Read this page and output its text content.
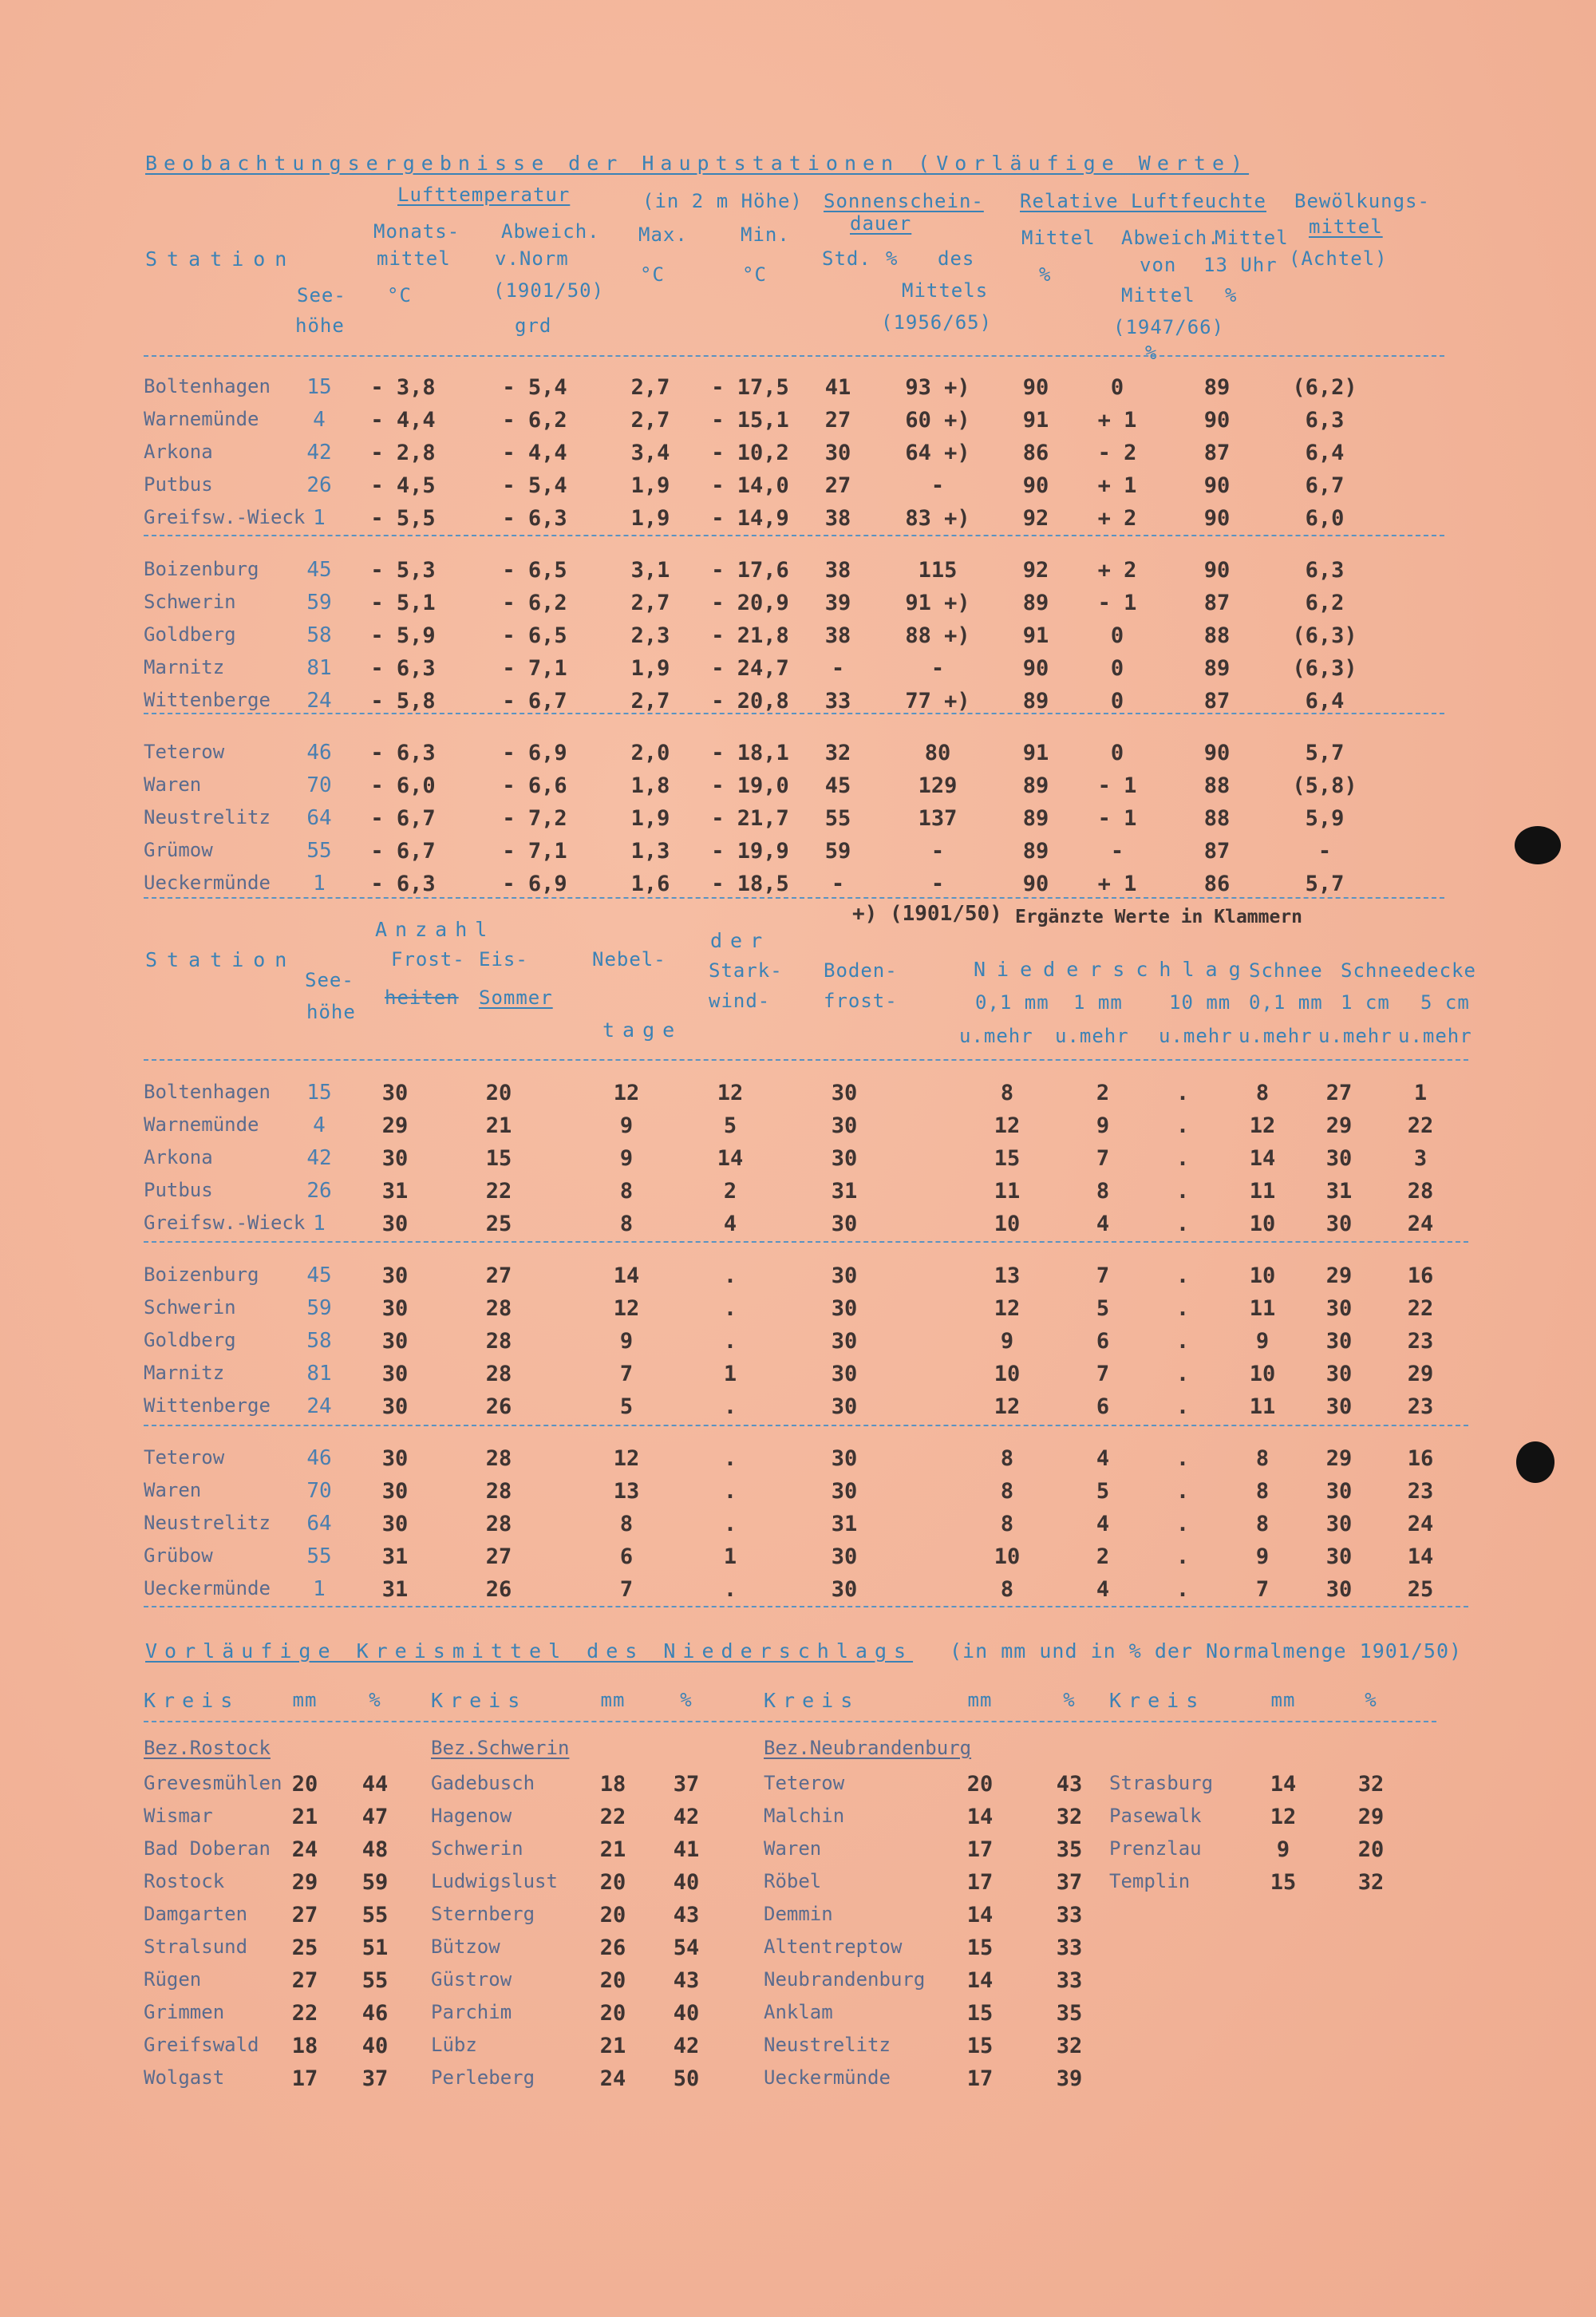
Beobachtungsergebnisse der Hauptstationen (Vorläufige Werte)
Lufttemperatur	(in 2 m Höhe) Sonnenschein-
dauer
Relative Luftfeuchte Bewölkungs-
mittel
Monats-
mittel
°C
Abweich.
v.Norm
(1901/50)
grd
Max.
°C
Min.
°C
Std. % des
Mittels
(1956/65)
Mittel
%
Abweich.
von
Mittel
(1947/66)
%
Mittel
13 Uhr
%
(Achtel)
Station
See-
höhe
Boltenhagen	15	- 3,8	- 5,4	2,7	- 17,5	41	93 +)	90	0	89	(6,2)
Warnemünde	4	- 4,4	- 6,2	2,7	- 15,1	27	60 +)	91	+ 1	90	6,3
Arkona	42	- 2,8	- 4,4	3,4	- 10,2	30	64 +)	86	- 2	87	6,4
Putbus	26	- 4,5	- 5,4	1,9	- 14,0	27	-	90	+ 1	90	6,7
Greifsw.-Wieck 1	- 5,5	- 6,3	1,9	- 14,9	38	83 +)	92	+ 2	90	6,0
Boizenburg	45	- 5,3	- 6,5	3,1	- 17,6	38	115	92	+ 2	90	6,3
Schwerin	59	- 5,1	- 6,2	2,7	- 20,9	39	91 +)	89	- 1	87	6,2
Goldberg	58	- 5,9	- 6,5	2,3	- 21,8	38	88 +)	91	0	88	(6,3)
Marnitz	81	- 6,3	- 7,1	1,9	- 24,7	-	-	90	0	89	(6,3)
Wittenberge	24	- 5,8	- 6,7	2,7	- 20,8	33	77 +)	89	0	87	6,4
Teterow	46	- 6,3	- 6,9	2,0	- 18,1	32	80	91	0	90	5,7
Waren	70	- 6,0	- 6,6	1,8	- 19,0	45	129	89	- 1	88	(5,8)
Neustrelitz	64	- 6,7	- 7,2	1,9	- 21,7	55	137	89	- 1	88	5,9
Grümow	55	- 6,7	- 7,1	1,3	- 19,9	59	-	89	-	87	-
Ueckermünde	1	- 6,3	- 6,9	1,6	- 18,5	-	-	90	+ 1	86	5,7
+) (1901/50) Ergänzte Werte in Klammern
Station
See-
höhe
Anzahl
Frost-
heiten
Eis-
Sommer
Nebel-
tage
der
Stark-
wind-
Boden-
frost-
Niederschlag
Schnee Schneedecke
0,1 mm 1 mm 10 mm 0,1 mm 1 cm 5 cm
u.mehr u.mehr u.mehr u.mehr u.mehr u.mehr
Boltenhagen	15	30	20	12	12	30	8	2	.	8	27	1
Warnemünde	4	29	21	9	5	30	12	9	.	12	29	22
Arkona	42	30	15	9	14	30	15	7	.	14	30	3
Putbus	26	31	22	8	2	31	11	8	.	11	31	28
Greifsw.-Wieck 1	30	25	8	4	30	10	4	.	10	30	24
Boizenburg	45	30	27	14	.	30	13	7	.	10	29	16
Schwerin	59	30	28	12	.	30	12	5	.	11	30	22
Goldberg	58	30	28	9	.	30	9	6	.	9	30	23
Marnitz	81	30	28	7	1	30	10	7	.	10	30	29
Wittenberge	24	30	26	5	.	30	12	6	.	11	30	23
Teterow	46	30	28	12	.	30	8	4	.	8	29	16
Waren	70	30	28	13	.	30	8	5	.	8	30	23
Neustrelitz	64	30	28	8	.	31	8	4	.	8	30	24
Grübow	55	31	27	6	1	30	10	2	.	9	30	14
Ueckermünde	1	31	26	7	.	30	8	4	.	7	30	25
Vorläufige Kreismittel des Niederschlags (in mm und in % der Normalmenge 1901/50)
Kreis	mm	%	Kreis	mm	%	Kreis	mm	%	Kreis	mm	%
Bez.Rostock
Grevesmühlen 20	44
Wismar	21	47
Bad Doberan 24	48
Rostock	29	59
Damgarten	27	55
Stralsund	25	51
Rügen	27	55
Grimmen	22	46
Greifswald	18	40
Wolgast	17	37
Bez.Schwerin
Gadebusch	18	37
Hagenow	22	42
Schwerin	21	41
Ludwigslust	20	40
Sternberg	20	43
Bützow	26	54
Güstrow	20	43
Parchim	20	40
Lübz	21	42
Perleberg	24	50
Bez.Neubrandenburg
Teterow	20	43
Malchin	14	32
Waren	17	35
Röbel	17	37
Demmin	14	33
Altentreptow	15	33
Neubrandenburg	14	33
Anklam	15	35
Neustrelitz	15	32
Ueckermünde	17	39
Strasburg	14	32
Pasewalk	12	29
Prenzlau	9	20
Templin	15	32
